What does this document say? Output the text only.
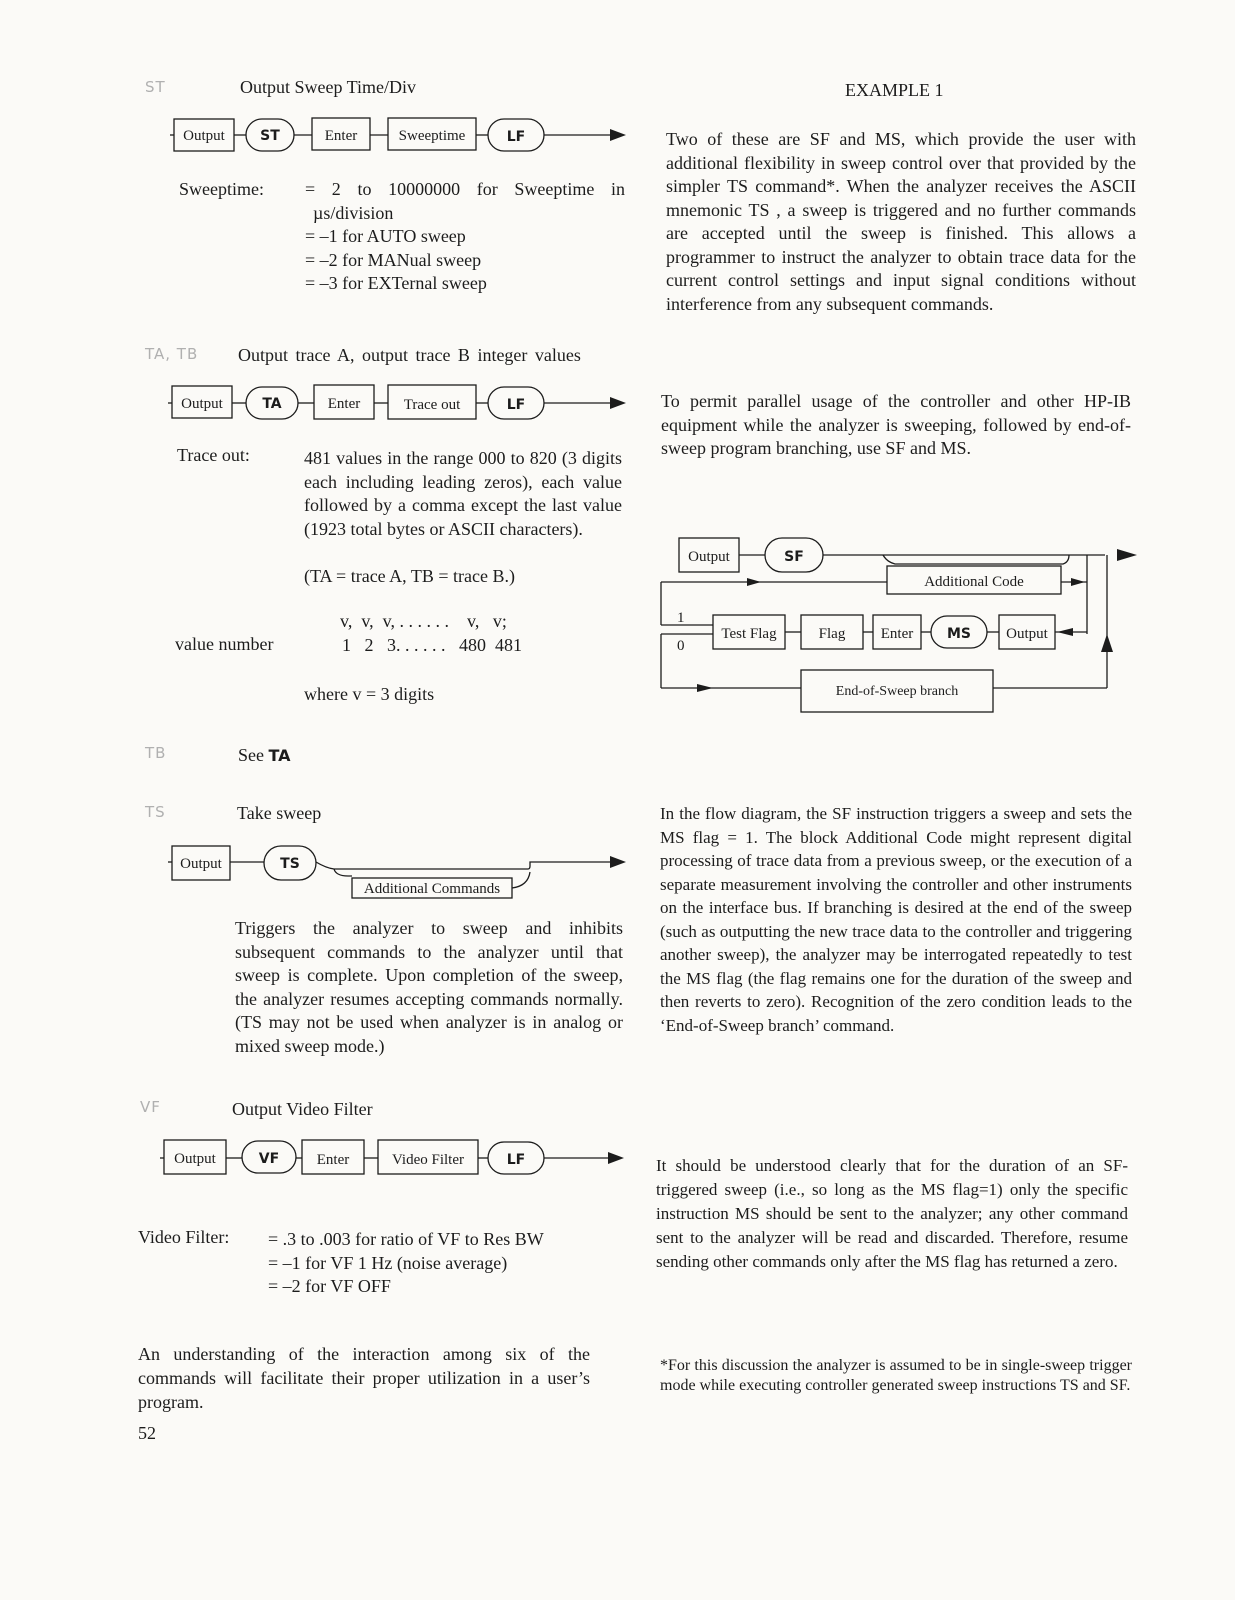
ST	Output Sweep Time/Div
Output	ST	Enter	Sweeptime	LF
Sweeptime: = 2 to 10000000 for Sweeptime in
µs/division
= –1 for AUTO sweep
= –2 for MANual sweep
= –3 for EXTernal sweep
TA, TB Output trace A, output trace B integer values
Output	TA	Enter	Trace out	LF
Trace out:	481 values in the range 000 to 820 (3 digits each including leading zeros), each value followed by a comma except the last value (1923 total bytes or ASCII characters).
(TA = trace A, TB = trace B.)
v,  v,  v, . . . . . .    v,   v;
value number	1   2   3. . . . . .   480  481
where v = 3 digits
TB	See TA
TS	Take sweep
Output	TS
Additional Commands
Triggers the analyzer to sweep and inhibits subsequent commands to the analyzer until that sweep is complete. Upon completion of the sweep, the analyzer resumes accepting commands normally. (TS may not be used when analyzer is in analog or mixed sweep mode.)
VF	Output Video Filter
Output	VF	Enter	Video Filter	LF
Video Filter: = .3 to .003 for ratio of VF to Res BW
= –1 for VF 1 Hz (noise average)
= –2 for VF OFF
An understanding of the interaction among six of the commands will facilitate their proper utilization in a user’s program.
52
EXAMPLE 1
Two of these are SF and MS, which provide the user with additional flexibility in sweep control over that provided by the simpler TS command*. When the analyzer receives the ASCII mnemonic TS , a sweep is triggered and no further commands are accepted until the sweep is finished. This allows a programmer to instruct the analyzer to obtain trace data for the current control settings and input signal conditions without interference from any subsequent commands.
To permit parallel usage of the controller and other HP-IB equipment while the analyzer is sweeping, followed by end-of-sweep program branching, use SF and MS.
Output	SF
Additional Code
1
0
Test Flag	Flag Enter MS Output
End-of-Sweep branch
In the flow diagram, the SF instruction triggers a sweep and sets the MS flag = 1. The block Additional Code might represent digital processing of trace data from a previous sweep, or the execution of a separate measurement involving the controller and other instruments on the interface bus. If branching is desired at the end of the sweep (such as outputting the new trace data to the controller and triggering another sweep), the analyzer may be interrogated repeatedly to test the MS flag (the flag remains one for the duration of the sweep and then reverts to zero). Recognition of the zero condition leads to the ‘End-of-Sweep branch’ command.
It should be understood clearly that for the duration of an SF-triggered sweep (i.e., so long as the MS flag=1) only the specific instruction MS should be sent to the analyzer; any other command sent to the analyzer will be read and discarded. Therefore, resume sending other commands only after the MS flag has returned a zero.
*For this discussion the analyzer is assumed to be in single-sweep trigger mode while executing controller generated sweep instructions TS and SF.
